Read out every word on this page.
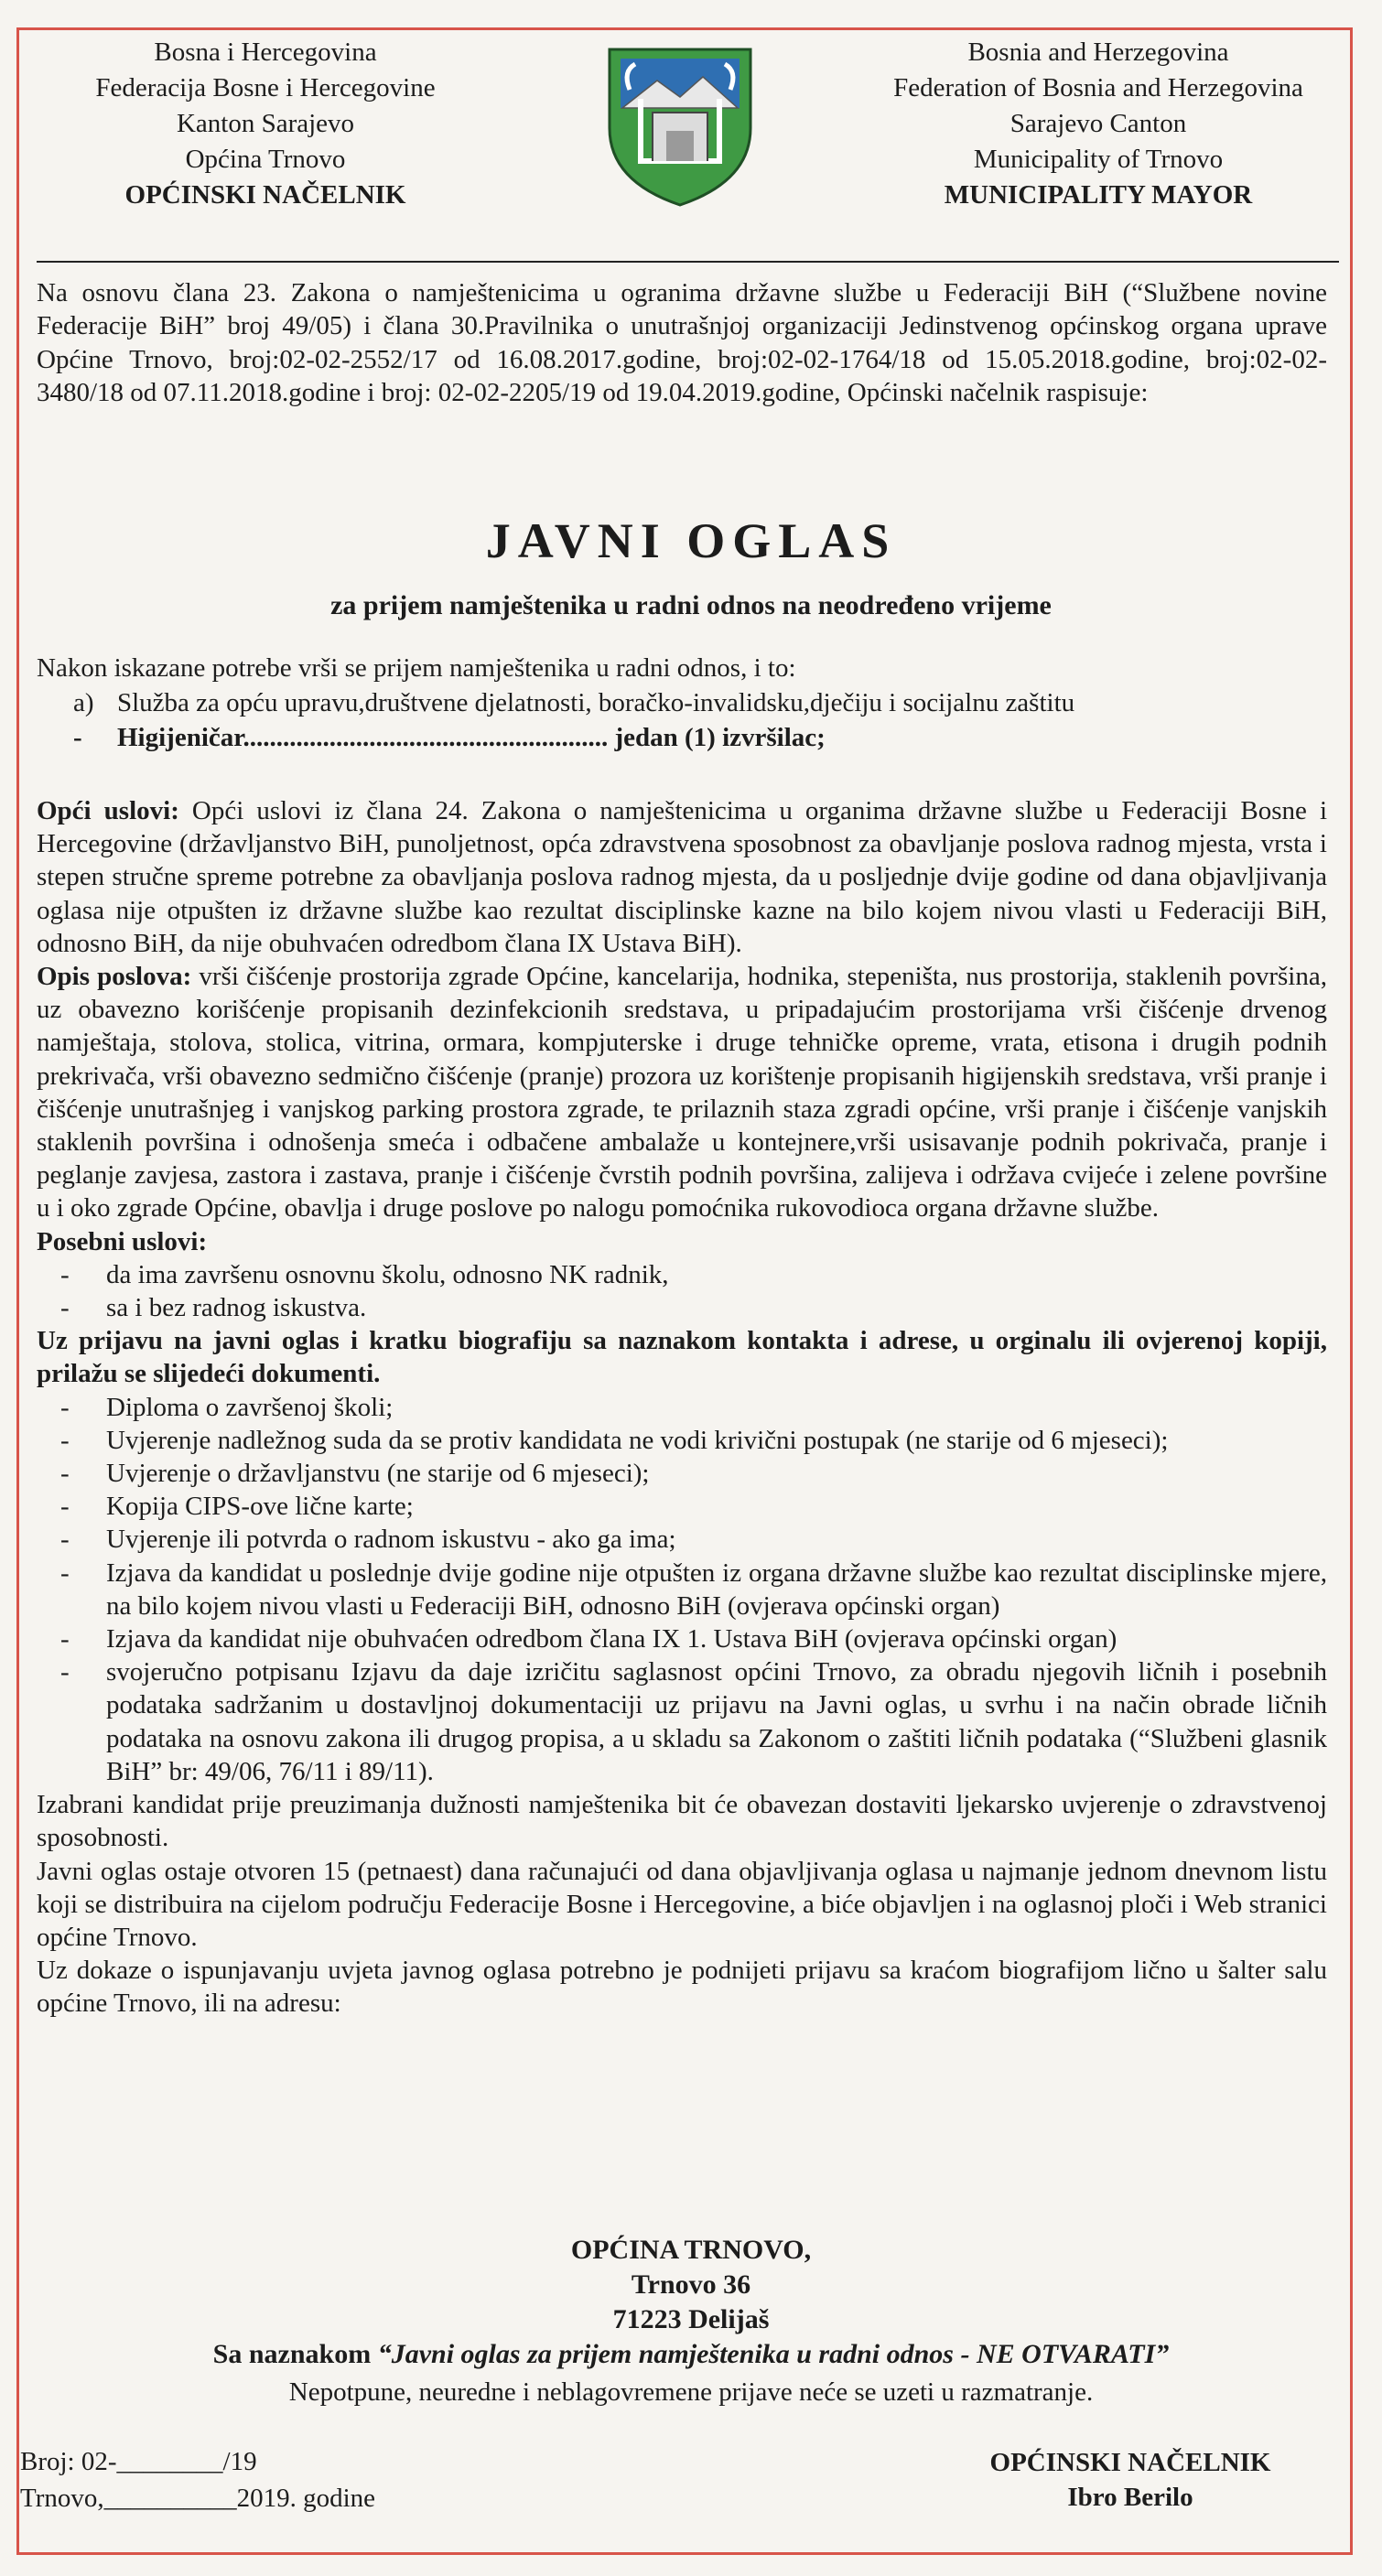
Bosna i Hercegovina
Federacija Bosne i Hercegovine
Kanton Sarajevo
Općina Trnovo
OPĆINSKI NAČELNIK
Bosnia and Herzegovina
Federation of Bosnia and Herzegovina
Sarajevo Canton
Municipality of Trnovo
MUNICIPALITY MAYOR
Na osnovu člana 23. Zakona o namještenicima u ogranima državne službe u Federaciji BiH (“Službene novine Federacije BiH” broj 49/05) i člana 30.Pravilnika o unutrašnjoj organizaciji Jedinstvenog općinskog organa uprave Općine Trnovo, broj:02-02-2552/17 od 16.08.2017.godine, broj:02-02-1764/18 od 15.05.2018.godine, broj:02-02-3480/18 od 07.11.2018.godine i broj: 02-02-2205/19 od 19.04.2019.godine, Općinski načelnik raspisuje:
JAVNI OGLAS
za prijem namještenika u radni odnos na neodređeno vrijeme
Nakon iskazane potrebe vrši se prijem namještenika u radni odnos, i to:
a) Služba za opću upravu,društvene djelatnosti, boračko-invalidsku,dječiju i socijalnu zaštitu
- Higijeničar....................................................... jedan (1) izvršilac;

Opći uslovi: Opći uslovi iz člana 24. Zakona o namještenicima u organima državne službe u Federaciji Bosne i Hercegovine (državljanstvo BiH, punoljetnost, opća zdravstvena sposobnost za obavljanje poslova radnog mjesta, vrsta i stepen stručne spreme potrebne za obavljanja poslova radnog mjesta, da u posljednje dvije godine od dana objavljivanja oglasa nije otpušten iz državne službe kao rezultat disciplinske kazne na bilo kojem nivou vlasti u Federaciji BiH, odnosno BiH, da nije obuhvaćen odredbom člana IX Ustava BiH).

Opis poslova: vrši čišćenje prostorija zgrade Općine, kancelarija, hodnika, stepeništa, nus prostorija, staklenih površina, uz obavezno korišćenje propisanih dezinfekcionih sredstava, u pripadajućim prostorijama vrši čišćenje drvenog namještaja, stolova, stolica, vitrina, ormara, kompjuterske i druge tehničke opreme, vrata, etisona i drugih podnih prekrivača, vrši obavezno sedmično čišćenje (pranje) prozora uz korištenje propisanih higijenskih sredstava, vrši pranje i čišćenje unutrašnjeg i vanjskog parking prostora zgrade, te prilaznih staza zgradi općine, vrši pranje i čišćenje vanjskih staklenih površina i odnošenja smeća i odbačene ambalaže u kontejnere,vrši usisavanje podnih pokrivača, pranje i peglanje zavjesa, zastora i zastava, pranje i čišćenje čvrstih podnih površina, zalijeva i održava cvijeće i zelene površine u i oko zgrade Općine, obavlja i druge poslove po nalogu pomoćnika rukovodioca organa državne službe.

Posebni uslovi:

- da ima završenu osnovnu školu, odnosno NK radnik,
- sa i bez radnog iskustva.

Uz prijavu na javni oglas i kratku biografiju sa naznakom kontakta i adrese, u orginalu ili ovjerenoj kopiji, prilažu se slijedeći dokumenti.

- Diploma o završenoj školi;
- Uvjerenje nadležnog suda da se protiv kandidata ne vodi krivični postupak (ne starije od 6 mjeseci);
- Uvjerenje o državljanstvu (ne starije od 6 mjeseci);
- Kopija CIPS-ove lične karte;
- Uvjerenje ili potvrda o radnom iskustvu - ako ga ima;
- Izjava da kandidat u poslednje dvije godine nije otpušten iz organa državne službe kao rezultat disciplinske mjere, na bilo kojem nivou vlasti u Federaciji BiH, odnosno BiH (ovjerava općinski organ)
- Izjava da kandidat nije obuhvaćen odredbom člana IX 1. Ustava BiH (ovjerava općinski organ)
- svojeručno potpisanu Izjavu da daje izričitu saglasnost općini Trnovo, za obradu njegovih ličnih i posebnih podataka sadržanim u dostavljnoj dokumentaciji uz prijavu na Javni oglas, u svrhu i na način obrade ličnih podataka na osnovu zakona ili drugog propisa, a u skladu sa Zakonom o zaštiti ličnih podataka (“Službeni glasnik BiH” br: 49/06, 76/11 i 89/11).

Izabrani kandidat prije preuzimanja dužnosti namještenika bit će obavezan dostaviti ljekarsko uvjerenje o zdravstvenoj sposobnosti.

Javni oglas ostaje otvoren 15 (petnaest) dana računajući od dana objavljivanja oglasa u najmanje jednom dnevnom listu koji se distribuira na cijelom području Federacije Bosne i Hercegovine, a biće objavljen i na oglasnoj ploči i Web stranici općine Trnovo.

Uz dokaze o ispunjavanju uvjeta javnog oglasa potrebno je podnijeti prijavu sa kraćom biografijom lično u šalter salu općine Trnovo, ili na adresu:

OPĆINA TRNOVO,
Trnovo 36
71223 Delijaš
Sa naznakom “Javni oglas za prijem namještenika u radni odnos - NE OTVARATI”
Nepotpune, neuredne i neblagovremene prijave neće se uzeti u razmatranje.
Broj: 02-________/19
Trnovo,__________2019. godine
OPĆINSKI NAČELNIK
Ibro Berilo
